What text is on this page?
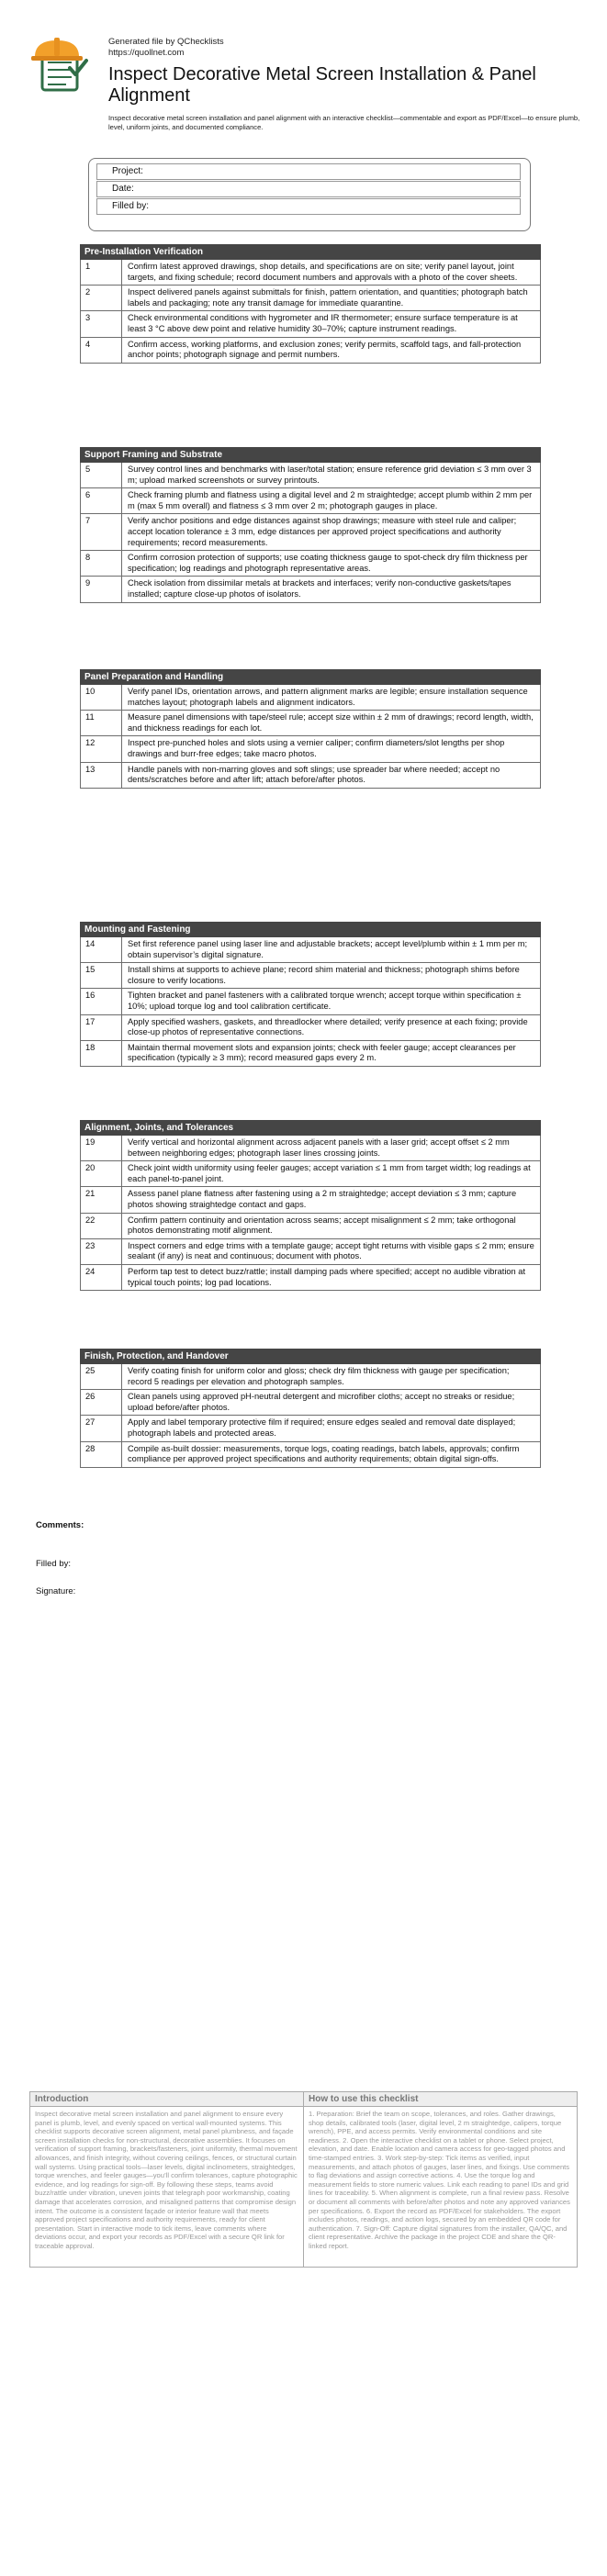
Generated file by QChecklists
https://quollnet.com
Inspect Decorative Metal Screen Installation & Panel Alignment
Inspect decorative metal screen installation and panel alignment with an interactive checklist—commentable and export as PDF/Excel—to ensure plumb, level, uniform joints, and documented compliance.
Project:
Date:
Filled by:
Pre-Installation Verification
1	Confirm latest approved drawings, shop details, and specifications are on site; verify panel layout, joint targets, and fixing schedule; record document numbers and approvals with a photo of the cover sheets.
2	Inspect delivered panels against submittals for finish, pattern orientation, and quantities; photograph batch labels and packaging; note any transit damage for immediate quarantine.
3	Check environmental conditions with hygrometer and IR thermometer; ensure surface temperature is at least 3 °C above dew point and relative humidity 30–70%; capture instrument readings.
4	Confirm access, working platforms, and exclusion zones; verify permits, scaffold tags, and fall-protection anchor points; photograph signage and permit numbers.
Support Framing and Substrate
5	Survey control lines and benchmarks with laser/total station; ensure reference grid deviation ≤ 3 mm over 3 m; upload marked screenshots or survey printouts.
6	Check framing plumb and flatness using a digital level and 2 m straightedge; accept plumb within 2 mm per m (max 5 mm overall) and flatness ≤ 3 mm over 2 m; photograph gauges in place.
7	Verify anchor positions and edge distances against shop drawings; measure with steel rule and caliper; accept location tolerance ± 3 mm, edge distances per approved project specifications and authority requirements; record measurements.
8	Confirm corrosion protection of supports; use coating thickness gauge to spot-check dry film thickness per specification; log readings and photograph representative areas.
9	Check isolation from dissimilar metals at brackets and interfaces; verify non-conductive gaskets/tapes installed; capture close-up photos of isolators.
Panel Preparation and Handling
10	Verify panel IDs, orientation arrows, and pattern alignment marks are legible; ensure installation sequence matches layout; photograph labels and alignment indicators.
11	Measure panel dimensions with tape/steel rule; accept size within ± 2 mm of drawings; record length, width, and thickness readings for each lot.
12	Inspect pre-punched holes and slots using a vernier caliper; confirm diameters/slot lengths per shop drawings and burr-free edges; take macro photos.
13	Handle panels with non-marring gloves and soft slings; use spreader bar where needed; accept no dents/scratches before and after lift; attach before/after photos.
Mounting and Fastening
14	Set first reference panel using laser line and adjustable brackets; accept level/plumb within ± 1 mm per m; obtain supervisor’s digital signature.
15	Install shims at supports to achieve plane; record shim material and thickness; photograph shims before closure to verify locations.
16	Tighten bracket and panel fasteners with a calibrated torque wrench; accept torque within specification ± 10%; upload torque log and tool calibration certificate.
17	Apply specified washers, gaskets, and threadlocker where detailed; verify presence at each fixing; provide close-up photos of representative connections.
18	Maintain thermal movement slots and expansion joints; check with feeler gauge; accept clearances per specification (typically ≥ 3 mm); record measured gaps every 2 m.
Alignment, Joints, and Tolerances
19	Verify vertical and horizontal alignment across adjacent panels with a laser grid; accept offset ≤ 2 mm between neighboring edges; photograph laser lines crossing joints.
20	Check joint width uniformity using feeler gauges; accept variation ≤ 1 mm from target width; log readings at each panel-to-panel joint.
21	Assess panel plane flatness after fastening using a 2 m straightedge; accept deviation ≤ 3 mm; capture photos showing straightedge contact and gaps.
22	Confirm pattern continuity and orientation across seams; accept misalignment ≤ 2 mm; take orthogonal photos demonstrating motif alignment.
23	Inspect corners and edge trims with a template gauge; accept tight returns with visible gaps ≤ 2 mm; ensure sealant (if any) is neat and continuous; document with photos.
24	Perform tap test to detect buzz/rattle; install damping pads where specified; accept no audible vibration at typical touch points; log pad locations.
Finish, Protection, and Handover
25	Verify coating finish for uniform color and gloss; check dry film thickness with gauge per specification; record 5 readings per elevation and photograph samples.
26	Clean panels using approved pH-neutral detergent and microfiber cloths; accept no streaks or residue; upload before/after photos.
27	Apply and label temporary protective film if required; ensure edges sealed and removal date displayed; photograph labels and protected areas.
28	Compile as-built dossier: measurements, torque logs, coating readings, batch labels, approvals; confirm compliance per approved project specifications and authority requirements; obtain digital sign-offs.
Comments:
Filled by:
Signature:
Introduction
Inspect decorative metal screen installation and panel alignment to ensure every panel is plumb, level, and evenly spaced on vertical wall-mounted systems. This checklist supports decorative screen alignment, metal panel plumbness, and façade screen installation checks for non-structural, decorative assemblies. It focuses on verification of support framing, brackets/fasteners, joint uniformity, thermal movement allowances, and finish integrity, without covering ceilings, fences, or structural curtain wall systems. Using practical tools—laser levels, digital inclinometers, straightedges, torque wrenches, and feeler gauges—you’ll confirm tolerances, capture photographic evidence, and log readings for sign-off. By following these steps, teams avoid buzz/rattle under vibration, uneven joints that telegraph poor workmanship, coating damage that accelerates corrosion, and misaligned patterns that compromise design intent. The outcome is a consistent façade or interior feature wall that meets approved project specifications and authority requirements, ready for client presentation. Start in interactive mode to tick items, leave comments where deviations occur, and export your records as PDF/Excel with a secure QR link for traceable approval.
How to use this checklist
1. Preparation: Brief the team on scope, tolerances, and roles. Gather drawings, shop details, calibrated tools (laser, digital level, 2 m straightedge, calipers, torque wrench), PPE, and access permits. Verify environmental conditions and site readiness. 2. Open the interactive checklist on a tablet or phone. Select project, elevation, and date. Enable location and camera access for geo-tagged photos and time-stamped entries. 3. Work step-by-step: Tick items as verified, input measurements, and attach photos of gauges, laser lines, and fixings. Use comments to flag deviations and assign corrective actions. 4. Use the torque log and measurement fields to store numeric values. Link each reading to panel IDs and grid lines for traceability. 5. When alignment is complete, run a final review pass. Resolve or document all comments with before/after photos and note any approved variances per specifications. 6. Export the record as PDF/Excel for stakeholders. The export includes photos, readings, and action logs, secured by an embedded QR code for authentication. 7. Sign-Off: Capture digital signatures from the installer, QA/QC, and client representative. Archive the package in the project CDE and share the QR-linked report.
